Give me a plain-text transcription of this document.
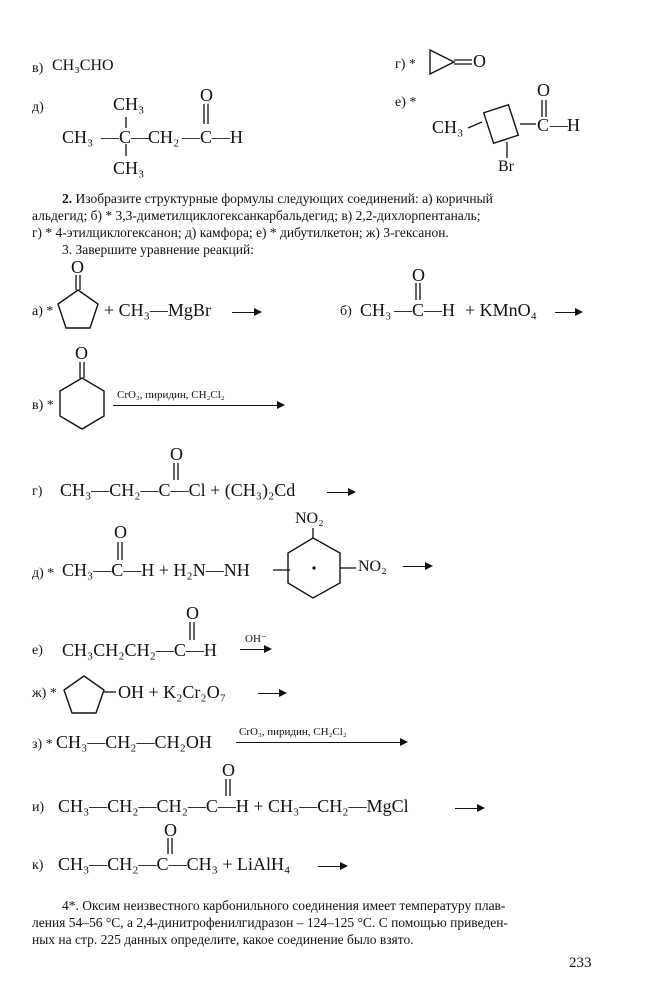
в) CH₃CHO
д)	CH₃
CH₃ — C — CH₂ — C — H
O
CH₃
г) *	O
е) *
CH₃	C — H
O
Br
2. Изобразите структурные формулы следующих соединений: а) коричный
альдегид; б) * 3,3-диметилциклогексанкарбальдегид; в) 2,2-дихлорпентаналь;
г) * 4-этилциклогексанон; д) камфора; е) * дибутилкетон; ж) 3-гексанон.
3. Завершите уравнение реакций:
а) *
O
+ CH₃—MgBr	б) CH₃ — C — H + KMnO₄
O
в) *
O
CrO₃, пиридин, CH₂Cl₂
г) CH₃—CH₂—C—Cl + (CH₃)₂Cd
O
д) * CH₃—C—H + H₂N—NH
O
NO₂
NO₂
е) CH₃CH₂CH₂—C—H
O
OH⁻
ж) *	OH + K₂Cr₂O₇
з) * CH₃—CH₂—CH₂OH CrO₃, пиридин, CH₂Cl₂
и) CH₃—CH₂—CH₂—C—H + CH₃—CH₂—MgCl
O
к) CH₃—CH₂—C—CH₃ + LiAlH₄
O
4*. Оксим неизвестного карбонильного соединения имеет температуру плав-
ления 54–56 °С, а 2,4-динитрофенилгидразон – 124–125 °С. С помощью приведен-
ных на стр. 225 данных определите, какое соединение было взято.
233
